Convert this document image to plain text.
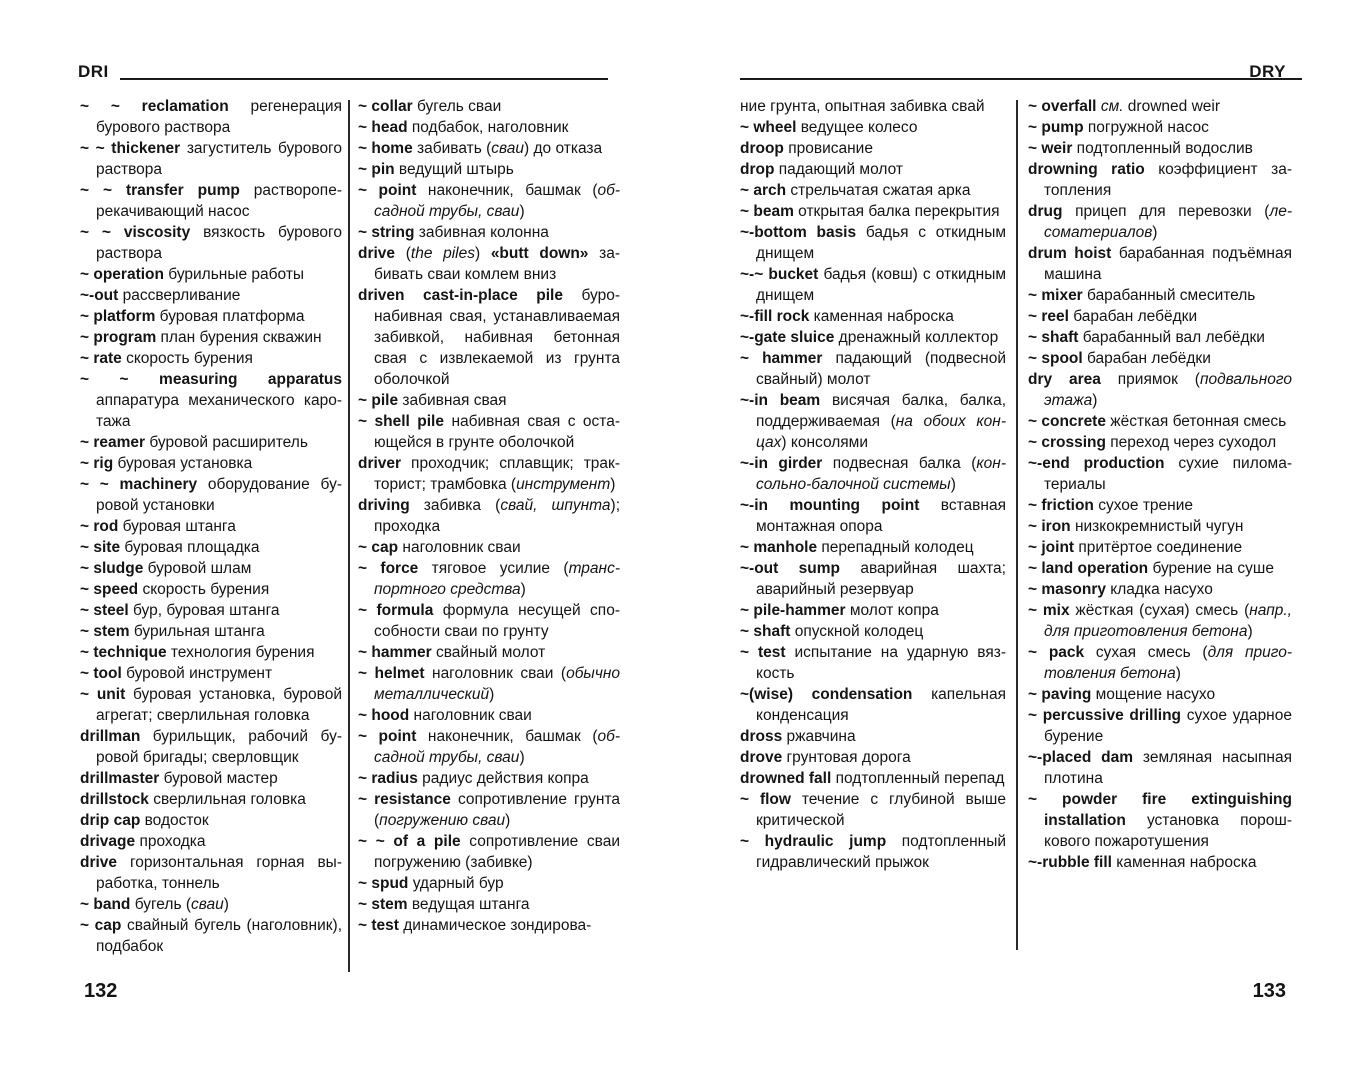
DRI

~ ~ reclamation регенерация бурового раствора

~ ~ thickener загуститель бурового раствора

~ ~ transfer pump раствороперекачивающий насос

~ ~ viscosity вязкость бурового раствора

~ operation бурильные работы

~-out рассверливание

~ platform буровая платформа

~ program план бурения скважин

~ rate скорость бурения

~ ~ measuring apparatus аппаратура механического каротажа

~ reamer буровой расширитель

~ rig буровая установка

~ ~ machinery оборудование буровой установки

~ rod буровая штанга

~ site буровая площадка

~ sludge буровой шлам

~ speed скорость бурения

~ steel бур, буровая штанга

~ stem бурильная штанга

~ technique технология бурения

~ tool буровой инструмент

~ unit буровая установка, буровой агрегат; сверлильная головка

drillman бурильщик, рабочий буровой бригады; сверловщик

drillmaster буровой мастер

drillstock сверлильная головка

drip cap водосток

drivage проходка

drive горизонтальная горная выработка, тоннель

~ band бугель (сваи)

~ cap свайный бугель (наголовник), подбабок

~ collar бугель сваи

~ head подбабок, наголовник

~ home забивать (сваи) до отказа

~ pin ведущий штырь

~ point наконечник, башмак (обсадной трубы, сваи)

~ string забивная колонна

drive (the piles) «butt down» забивать сваи комлем вниз

driven cast-in-place pile буронабивная свая, устанавливаемая забивкой, набивная бетонная свая с извлекаемой из грунта оболочкой

~ pile забивная свая

~ shell pile набивная свая с остающейся в грунте оболочкой

driver проходчик; сплавщик; тракторист; трамбовка (инструмент)

driving забивка (свай, шпунта); проходка

~ cap наголовник сваи

~ force тяговое усилие (транспортного средства)

~ formula формула несущей способности сваи по грунту

~ hammer свайный молот

~ helmet наголовник сваи (обычно металлический)

~ hood наголовник сваи

~ point наконечник, башмак (обсадной трубы, сваи)

~ radius радиус действия копра

~ resistance сопротивление грунта (погружению сваи)

~ ~ of a pile сопротивление сваи погружению (забивке)

~ spud ударный бур

~ stem ведущая штанга

~ test динамическое зондирова-

132
DRY

ние грунта, опытная забивка свай

~ wheel ведущее колесо

droop провисание

drop падающий молот

~ arch стрельчатая сжатая арка

~ beam открытая балка перекрытия

~-bottom basis бадья с откидным днищем

~-~ bucket бадья (ковш) с откидным днищем

~-fill rock каменная наброска

~-gate sluice дренажный коллектор

~ hammer падающий (подвесной свайный) молот

~-in beam висячая балка, балка, поддерживаемая (на обоих концах) консолями

~-in girder подвесная балка (консольно-балочной системы)

~-in mounting point вставная монтажная опора

~ manhole перепадный колодец

~-out sump аварийная шахта; аварийный резервуар

~ pile-hammer молот копра

~ shaft опускной колодец

~ test испытание на ударную вязкость

~(wise) condensation капельная конденсация

dross ржавчина

drove грунтовая дорога

drowned fall подтопленный перепад

~ flow течение с глубиной выше критической

~ hydraulic jump подтопленный гидравлический прыжок

~ overfall см. drowned weir

~ pump погружной насос

~ weir подтопленный водослив

drowning ratio коэффициент затопления

drug прицеп для перевозки (лесоматериалов)

drum hoist барабанная подъёмная машина

~ mixer барабанный смеситель

~ reel барабан лебёдки

~ shaft барабанный вал лебёдки

~ spool барабан лебёдки

dry area приямок (подвального этажа)

~ concrete жёсткая бетонная смесь

~ crossing переход через суходол

~-end production сухие пиломатериалы

~ friction сухое трение

~ iron низкокремнистый чугун

~ joint притёртое соединение

~ land operation бурение на суше

~ masonry кладка насухо

~ mix жёсткая (сухая) смесь (напр., для приготовления бетона)

~ pack сухая смесь (для приготовления бетона)

~ paving мощение насухо

~ percussive drilling сухое ударное бурение

~-placed dam земляная насыпная плотина

~ powder fire extinguishing installation установка порошкового пожаротушения

~-rubble fill каменная наброска

133
